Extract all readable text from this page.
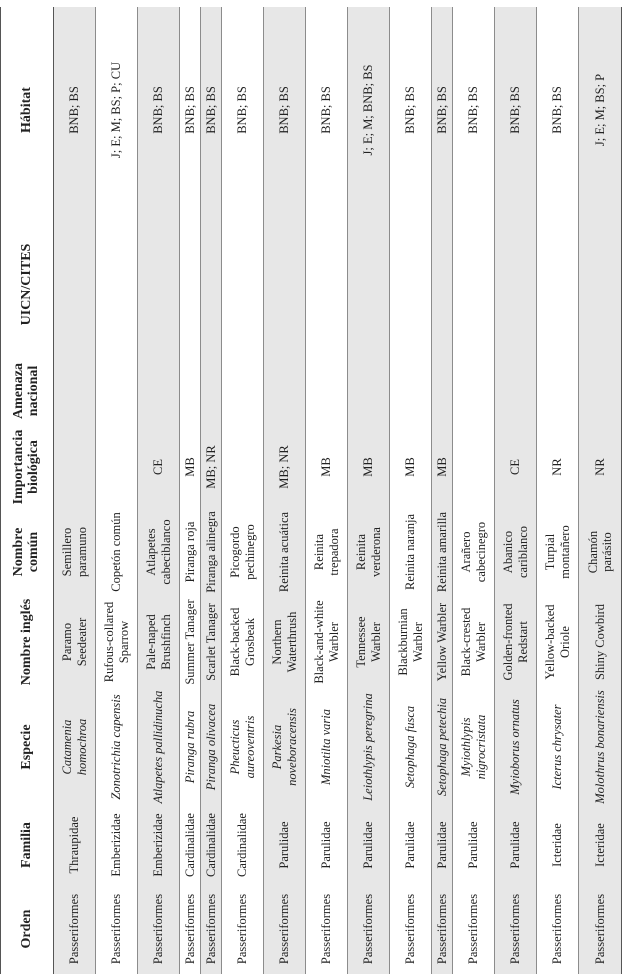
Orden	Familia	Especie	Nombre inglés	Nombre común	Importancia biológica	Amenaza nacional	UICN/CITES	Hábitat
Passeriformes	Thraupidae	Catamenia homochroa	Paramo Seedeater	Semillero paramuno				BNB; BS
Passeriformes	Emberizidae	Zonotrichia capensis	Rufous-collared Sparrow	Copetón común				J; E; M; BS; P; CU
Passeriformes	Emberizidae	Atlapetes pallidinucha	Pale-naped Brushfinch	Atlapetes cabeciblanco	CE			BNB; BS
Passeriformes	Cardinalidae	Piranga rubra	Summer Tanager	Piranga roja	MB			BNB; BS
Passeriformes	Cardinalidae	Piranga olivacea	Scarlet Tanager	Piranga alinegra	MB; NR			BNB; BS
Passeriformes	Cardinalidae	Pheucticus aureoventris	Black-backed Grosbeak	Picogordo pechinegro				BNB; BS
Passeriformes	Parulidae	Parkesia noveboracensis	Northern Waterthrush	Reinita acuática	MB; NR			BNB; BS
Passeriformes	Parulidae	Mniotilta varia	Black-and-white Warbler	Reinita trepadora	MB			BNB; BS
Passeriformes	Parulidae	Leiothlypis peregrina	Tennessee Warbler	Reinita verderona	MB			J; E; M; BNB; BS
Passeriformes	Parulidae	Setophaga fusca	Blackburnian Warbler	Reinita naranja	MB			BNB; BS
Passeriformes	Parulidae	Setophaga petechia	Yellow Warbler	Reinita amarilla	MB			BNB; BS
Passeriformes	Parulidae	Myiothlypis nigrocristata	Black-crested Warbler	Arañero cabecinegro				BNB; BS
Passeriformes	Parulidae	Myioborus ornatus	Golden-fronted Redstart	Abanico cariblanco	CE			BNB; BS
Passeriformes	Icteridae	Icterus chrysater	Yellow-backed Oriole	Turpial montañero	NR			BNB; BS
Passeriformes	Icteridae	Molothrus bonariensis	Shiny Cowbird	Chamón parásito	NR			J; E; M; BS; P
